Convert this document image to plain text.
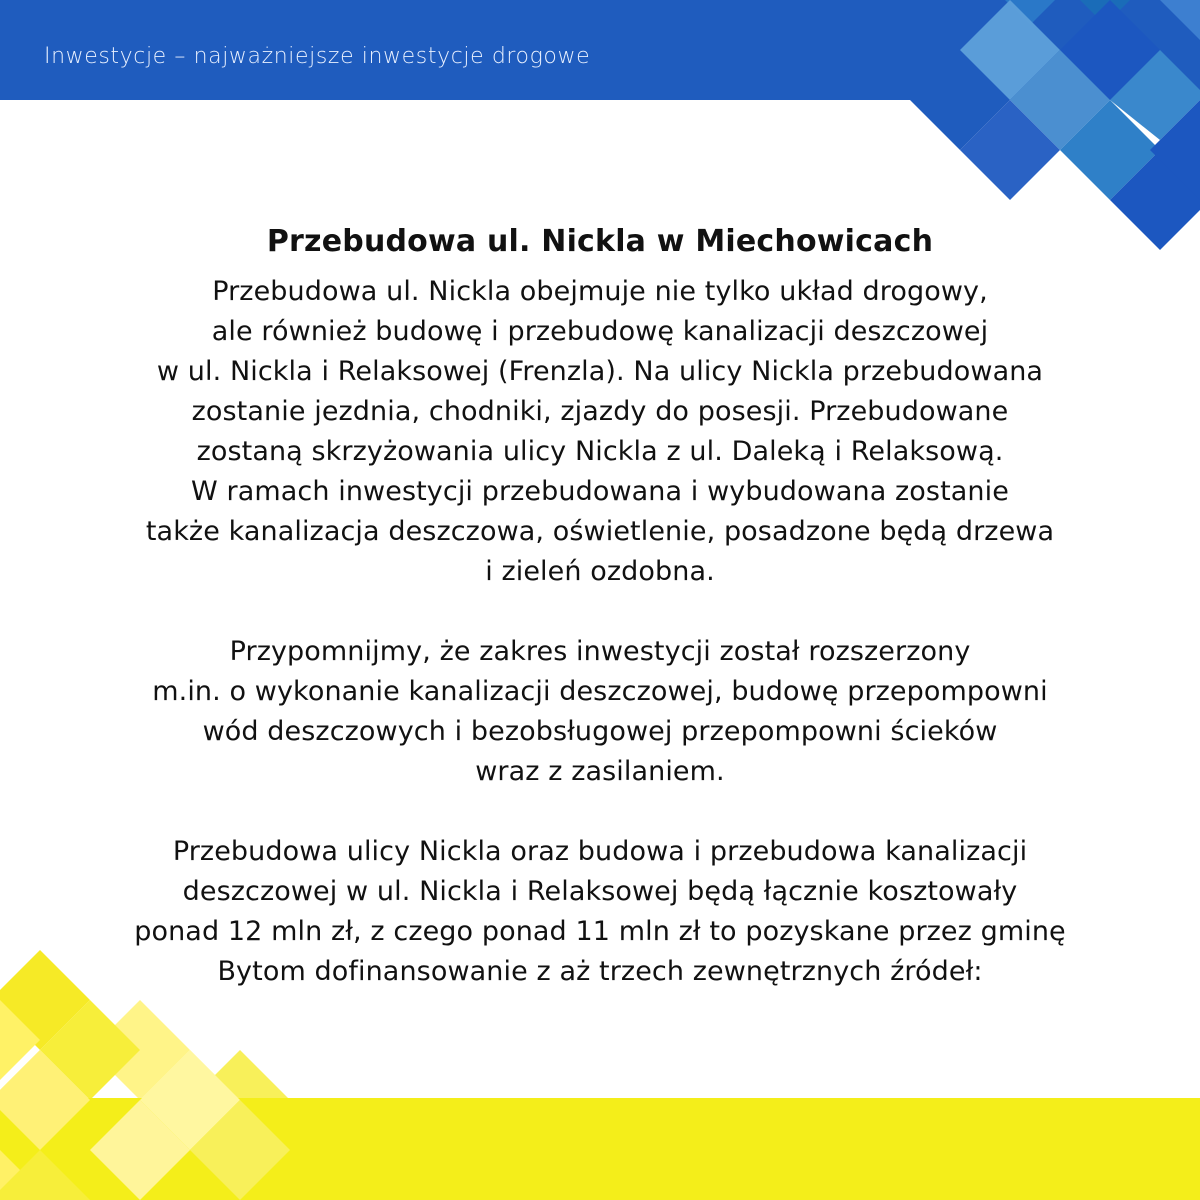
Inwestycje – najważniejsze inwestycje drogowe
Przebudowa ul. Nickla w Miechowicach

Przebudowa ul. Nickla obejmuje nie tylko układ drogowy,
ale również budowę i przebudowę kanalizacji deszczowej
w ul. Nickla i Relaksowej (Frenzla). Na ulicy Nickla przebudowana
zostanie jezdnia, chodniki, zjazdy do posesji. Przebudowane
zostaną skrzyżowania ulicy Nickla z ul. Daleką i Relaksową.
W ramach inwestycji przebudowana i wybudowana zostanie
także kanalizacja deszczowa, oświetlenie, posadzone będą drzewa
i zieleń ozdobna.

Przypomnijmy, że zakres inwestycji został rozszerzony
m.in. o wykonanie kanalizacji deszczowej, budowę przepompowni
wód deszczowych i bezobsługowej przepompowni ścieków
wraz z zasilaniem.

Przebudowa ulicy Nickla oraz budowa i przebudowa kanalizacji
deszczowej w ul. Nickla i Relaksowej będą łącznie kosztowały
ponad 12 mln zł, z czego ponad 11 mln zł to pozyskane przez gminę
Bytom dofinansowanie z aż trzech zewnętrznych źródeł:
